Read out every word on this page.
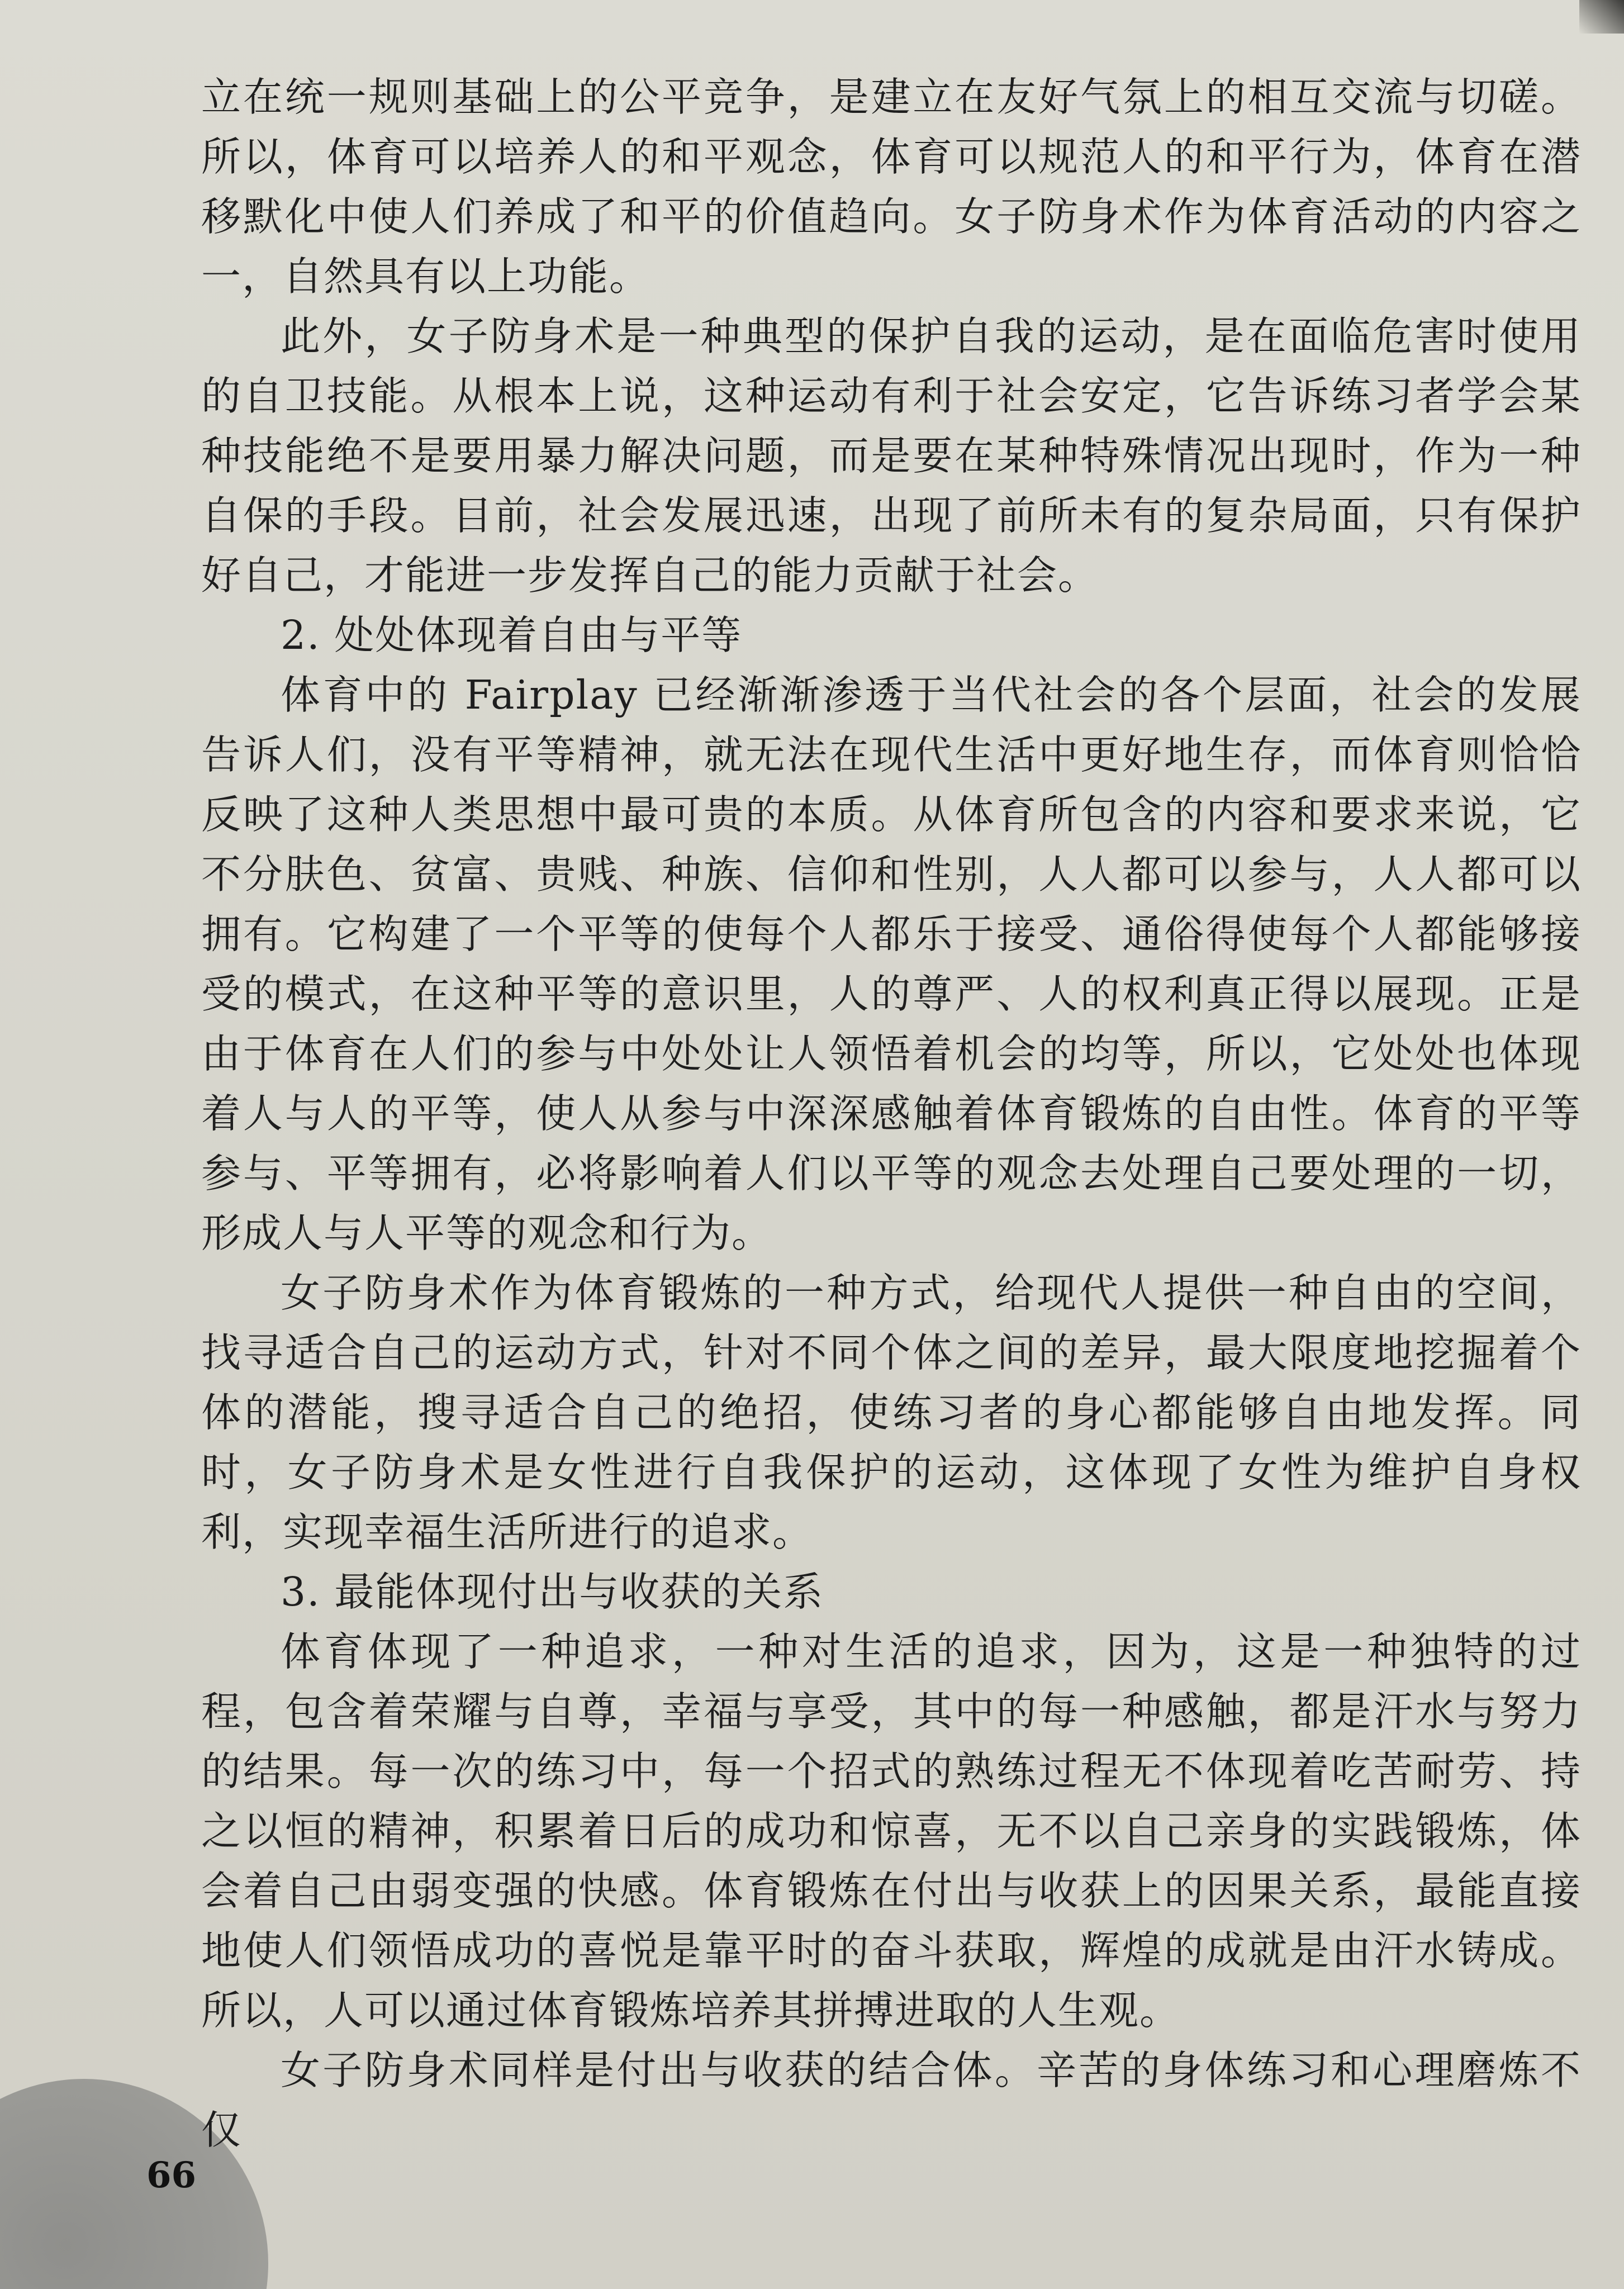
立在统一规则基础上的公平竞争，是建立在友好气氛上的相互交流与切磋。所以，体育可以培养人的和平观念，体育可以规范人的和平行为，体育在潜移默化中使人们养成了和平的价值趋向。女子防身术作为体育活动的内容之一，自然具有以上功能。

此外，女子防身术是一种典型的保护自我的运动，是在面临危害时使用的自卫技能。从根本上说，这种运动有利于社会安定，它告诉练习者学会某种技能绝不是要用暴力解决问题，而是要在某种特殊情况出现时，作为一种自保的手段。目前，社会发展迅速，出现了前所未有的复杂局面，只有保护好自己，才能进一步发挥自己的能力贡献于社会。

2. 处处体现着自由与平等

体育中的 Fairplay 已经渐渐渗透于当代社会的各个层面，社会的发展告诉人们，没有平等精神，就无法在现代生活中更好地生存，而体育则恰恰反映了这种人类思想中最可贵的本质。从体育所包含的内容和要求来说，它不分肤色、贫富、贵贱、种族、信仰和性别，人人都可以参与，人人都可以拥有。它构建了一个平等的使每个人都乐于接受、通俗得使每个人都能够接受的模式，在这种平等的意识里，人的尊严、人的权利真正得以展现。正是由于体育在人们的参与中处处让人领悟着机会的均等，所以，它处处也体现着人与人的平等，使人从参与中深深感触着体育锻炼的自由性。体育的平等参与、平等拥有，必将影响着人们以平等的观念去处理自己要处理的一切，形成人与人平等的观念和行为。

女子防身术作为体育锻炼的一种方式，给现代人提供一种自由的空间，找寻适合自己的运动方式，针对不同个体之间的差异，最大限度地挖掘着个体的潜能，搜寻适合自己的绝招，使练习者的身心都能够自由地发挥。同时，女子防身术是女性进行自我保护的运动，这体现了女性为维护自身权利，实现幸福生活所进行的追求。

3. 最能体现付出与收获的关系

体育体现了一种追求，一种对生活的追求，因为，这是一种独特的过程，包含着荣耀与自尊，幸福与享受，其中的每一种感触，都是汗水与努力的结果。每一次的练习中，每一个招式的熟练过程无不体现着吃苦耐劳、持之以恒的精神，积累着日后的成功和惊喜，无不以自己亲身的实践锻炼，体会着自己由弱变强的快感。体育锻炼在付出与收获上的因果关系，最能直接地使人们领悟成功的喜悦是靠平时的奋斗获取，辉煌的成就是由汗水铸成。所以，人可以通过体育锻炼培养其拼搏进取的人生观。

女子防身术同样是付出与收获的结合体。辛苦的身体练习和心理磨炼不仅

66
